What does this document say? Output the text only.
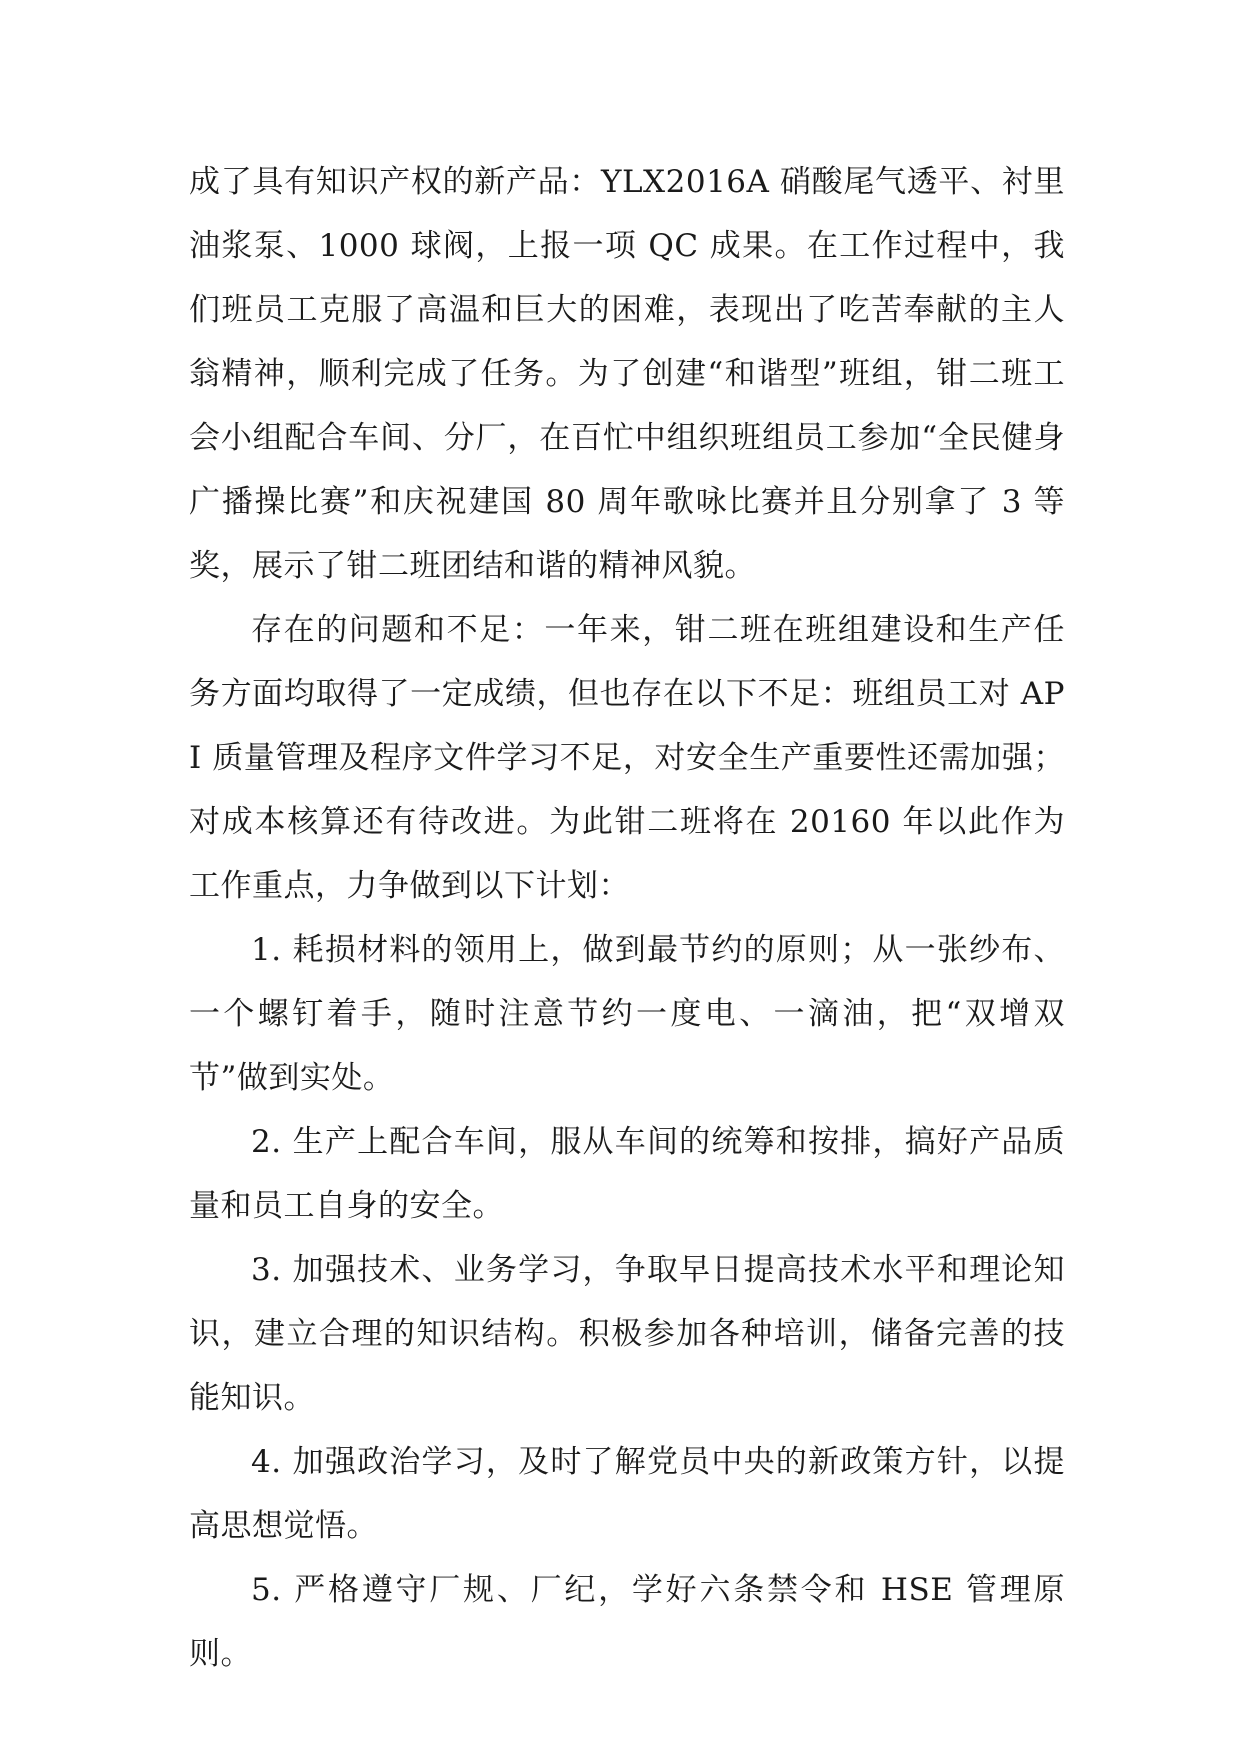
成了具有知识产权的新产品：YLX2016A 硝酸尾气透平、衬里油浆泵、1000 球阀，上报一项 QC 成果。在工作过程中，我们班员工克服了高温和巨大的困难，表现出了吃苦奉献的主人翁精神，顺利完成了任务。为了创建“和谐型”班组，钳二班工会小组配合车间、分厂，在百忙中组织班组员工参加“全民健身广播操比赛”和庆祝建国 80 周年歌咏比赛并且分别拿了 3 等奖，展示了钳二班团结和谐的精神风貌。

存在的问题和不足：一年来，钳二班在班组建设和生产任务方面均取得了一定成绩，但也存在以下不足：班组员工对 API 质量管理及程序文件学习不足，对安全生产重要性还需加强；对成本核算还有待改进。为此钳二班将在 20160 年以此作为工作重点，力争做到以下计划：

1. 耗损材料的领用上，做到最节约的原则；从一张纱布、一个螺钉着手，随时注意节约一度电、一滴油，把“双增双节”做到实处。

2. 生产上配合车间，服从车间的统筹和按排，搞好产品质量和员工自身的安全。

3. 加强技术、业务学习，争取早日提高技术水平和理论知识，建立合理的知识结构。积极参加各种培训，储备完善的技能知识。

4. 加强政治学习，及时了解党员中央的新政策方针，以提高思想觉悟。

5. 严格遵守厂规、厂纪，学好六条禁令和 HSE 管理原则。
